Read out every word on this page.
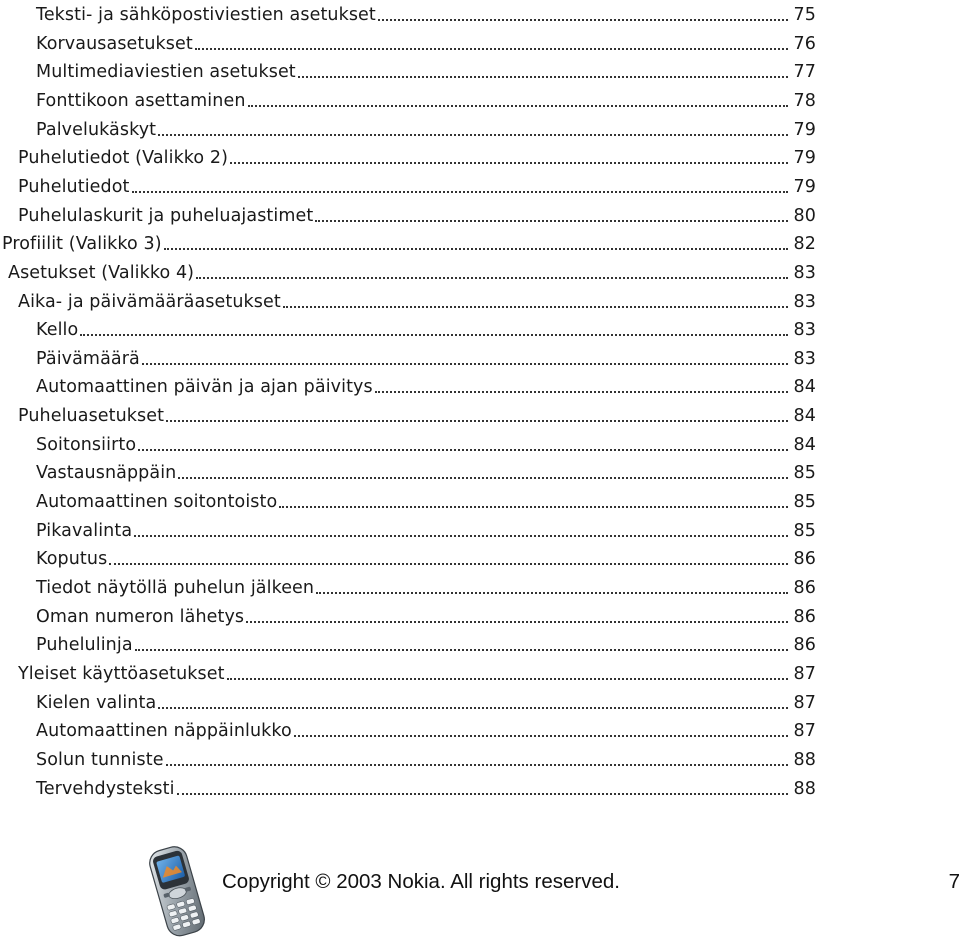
Teksti- ja sähköpostiviestien asetukset	75
Korvausasetukset	76
Multimediaviestien asetukset	77
Fonttikoon asettaminen	78
Palvelukäskyt	79
Puhelutiedot (Valikko 2)	79
Puhelutiedot	79
Puhelulaskurit ja puheluajastimet	80
Profiilit (Valikko 3)	82
Asetukset (Valikko 4)	83
Aika- ja päivämääräasetukset	83
Kello	83
Päivämäärä	83
Automaattinen päivän ja ajan päivitys	84
Puheluasetukset	84
Soitonsiirto	84
Vastausnäppäin	85
Automaattinen soitontoisto	85
Pikavalinta	85
Koputus	86
Tiedot näytöllä puhelun jälkeen	86
Oman numeron lähetys	86
Puhelulinja	86
Yleiset käyttöasetukset	87
Kielen valinta	87
Automaattinen näppäinlukko	87
Solun tunniste	88
Tervehdysteksti	88
Copyright © 2003 Nokia. All rights reserved.	7
